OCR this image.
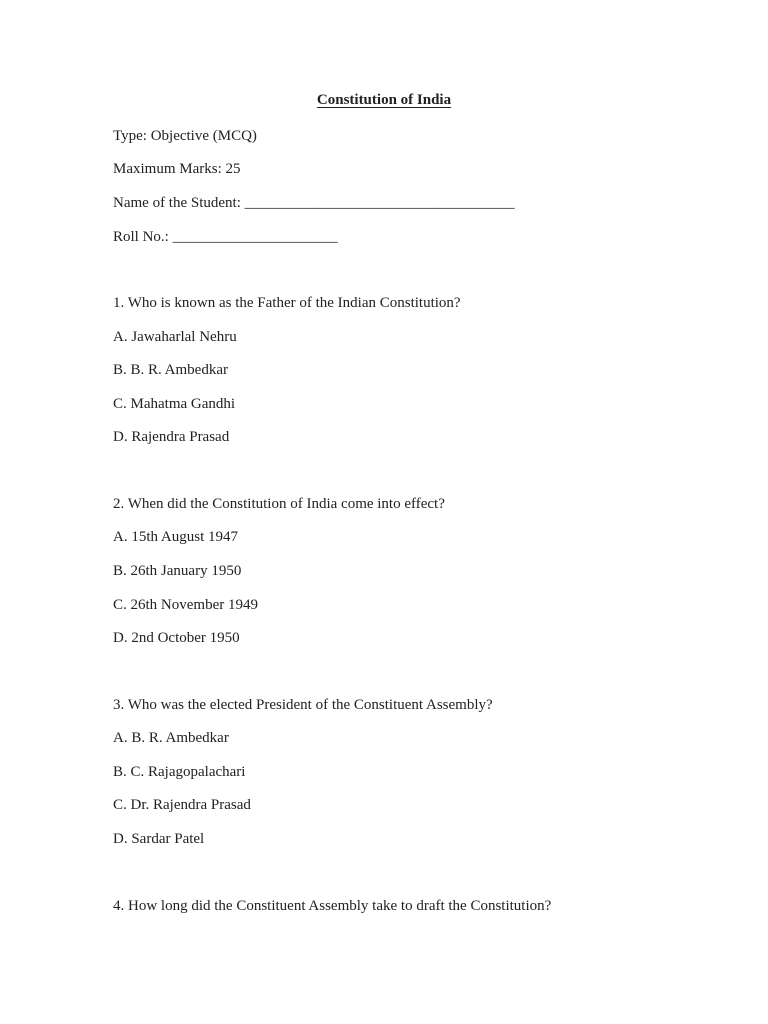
Constitution of India
Type: Objective (MCQ)
Maximum Marks: 25
Name of the Student: ____________________________________
Roll No.: ______________________
1. Who is known as the Father of the Indian Constitution?
A. Jawaharlal Nehru
B. B. R. Ambedkar
C. Mahatma Gandhi
D. Rajendra Prasad
2. When did the Constitution of India come into effect?
A. 15th August 1947
B. 26th January 1950
C. 26th November 1949
D. 2nd October 1950
3. Who was the elected President of the Constituent Assembly?
A. B. R. Ambedkar
B. C. Rajagopalachari
C. Dr. Rajendra Prasad
D. Sardar Patel
4. How long did the Constituent Assembly take to draft the Constitution?
